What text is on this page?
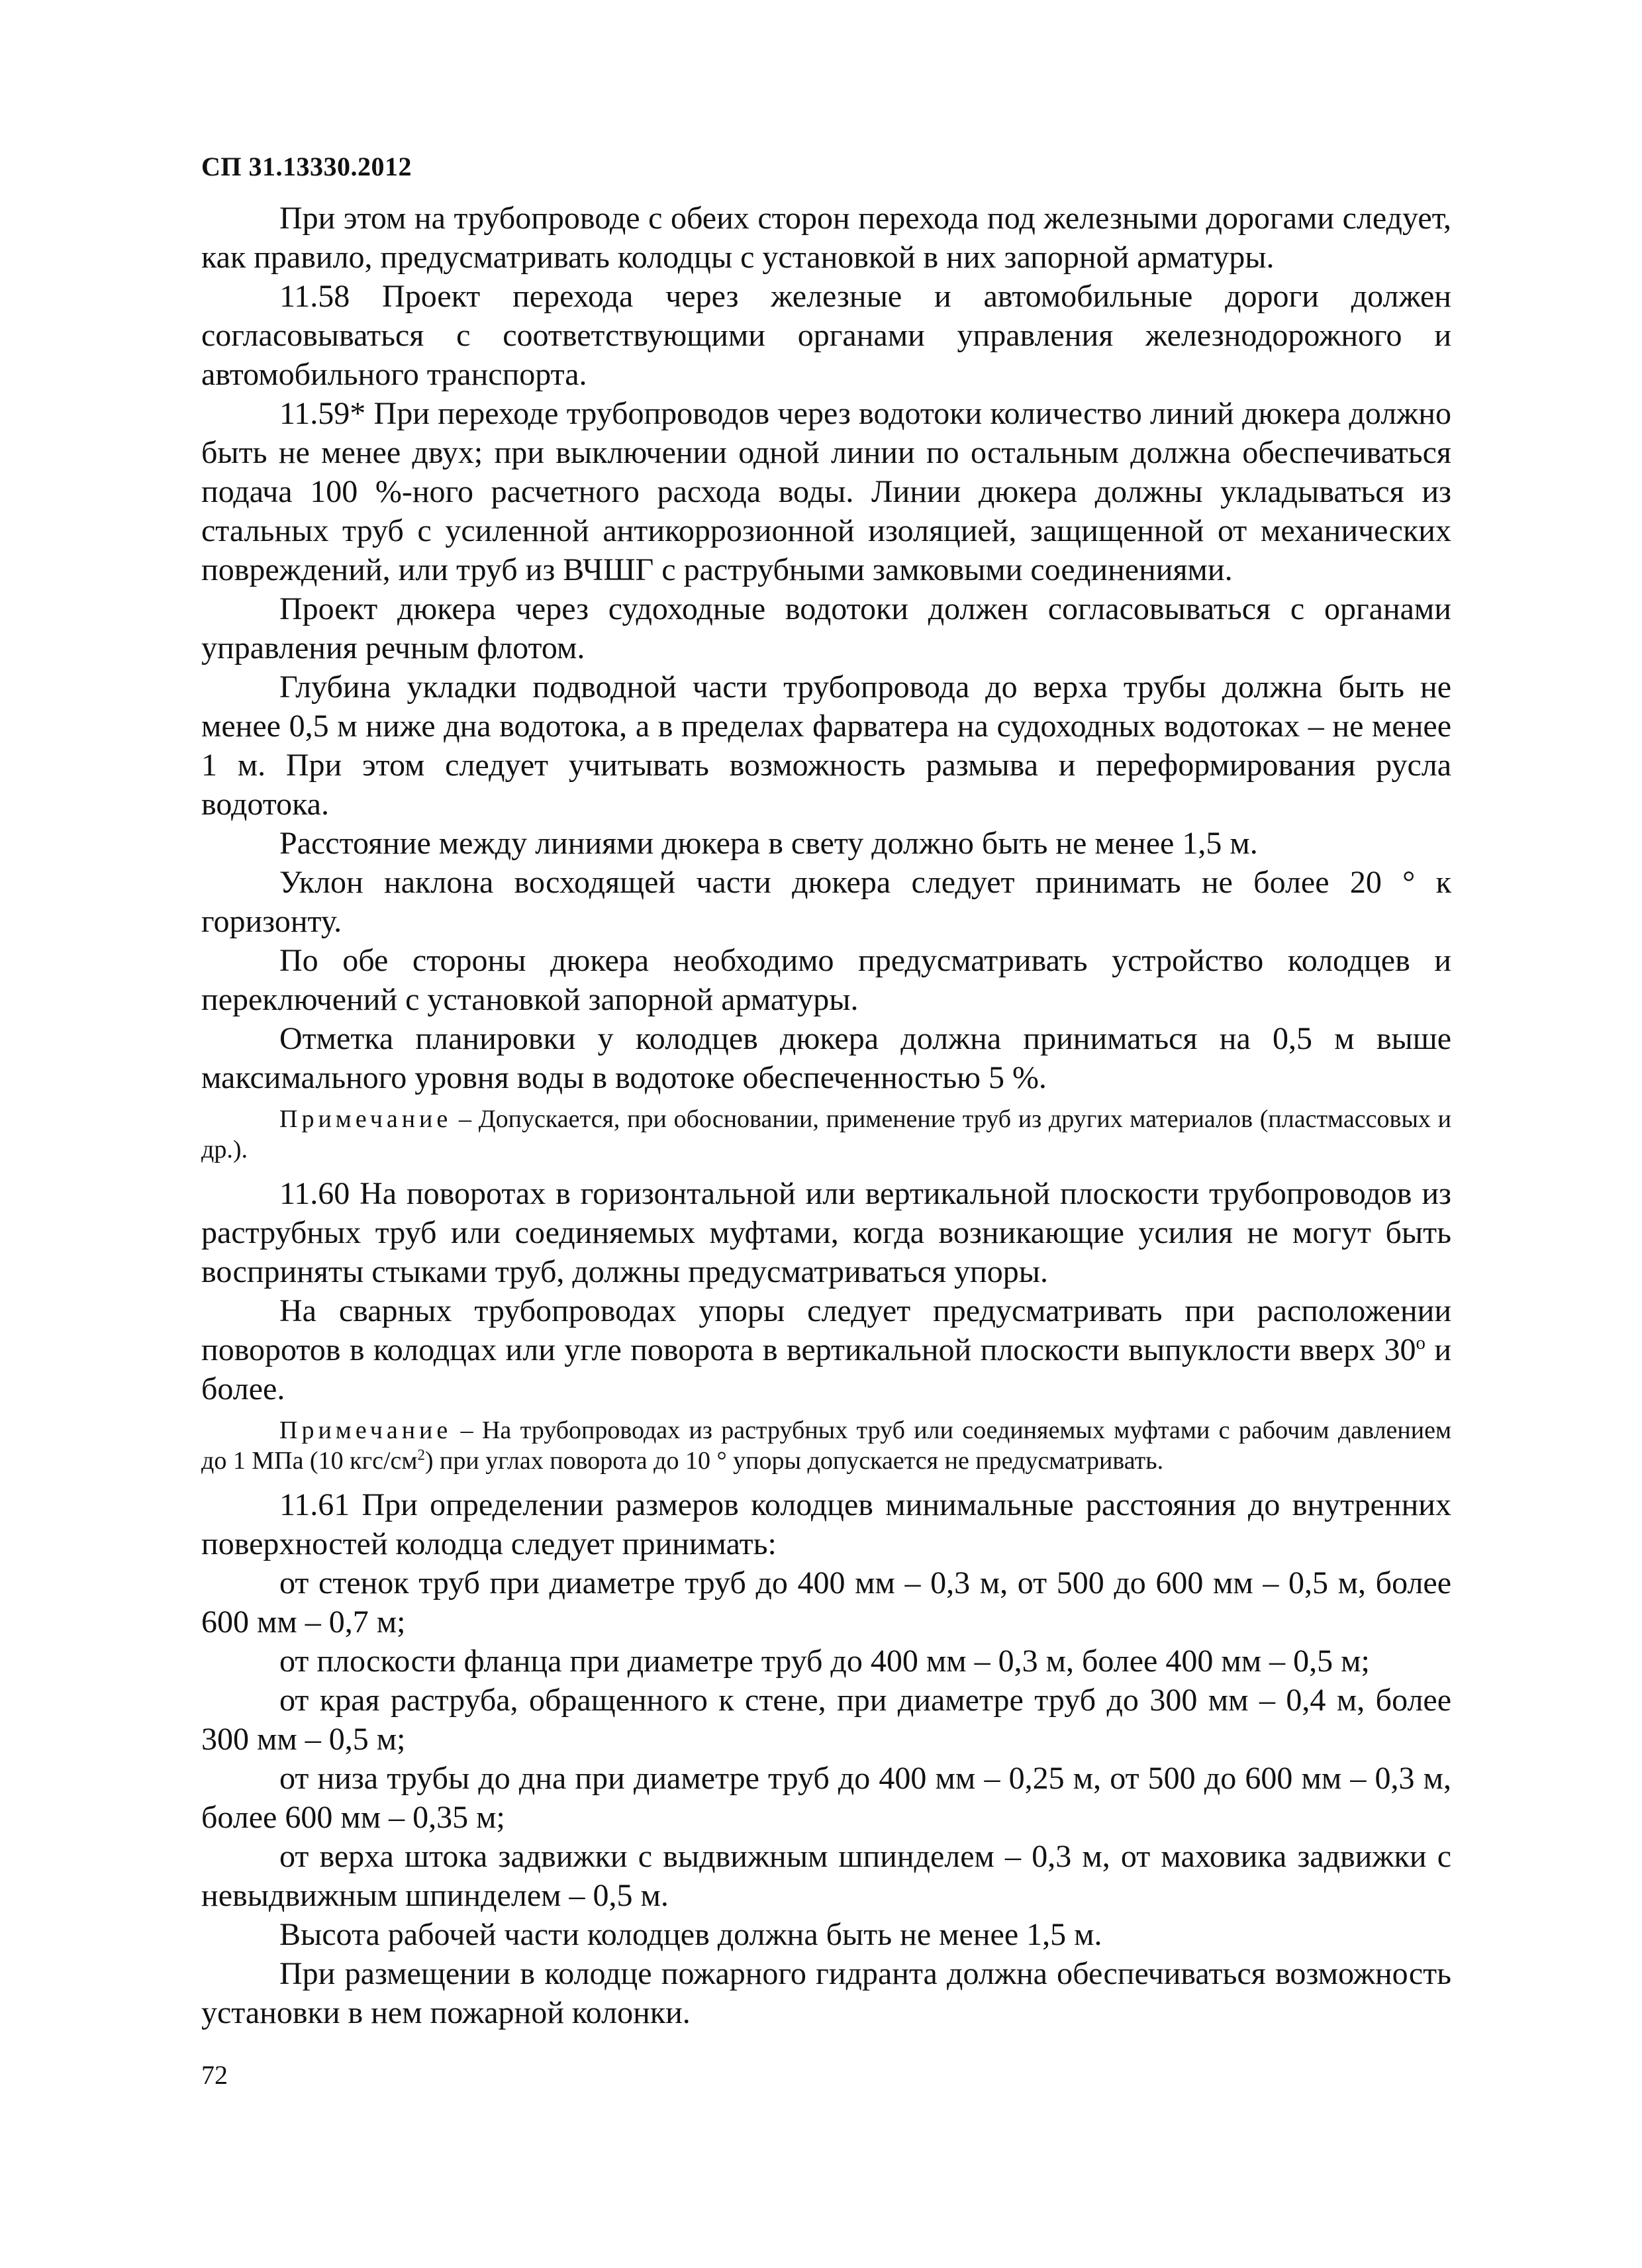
СП 31.13330.2012

При этом на трубопроводе с обеих сторон перехода под железными дорогами следует, как правило, предусматривать колодцы с установкой в них запорной арматуры.

11.58 Проект перехода через железные и автомобильные дороги должен согласовываться с соответствующими органами управления железнодорожного и автомобильного транспорта.

11.59* При переходе трубопроводов через водотоки количество линий дюкера должно быть не менее двух; при выключении одной линии по остальным должна обеспечиваться подача 100 %-ного расчетного расхода воды. Линии дюкера должны укладываться из стальных труб с усиленной антикоррозионной изоляцией, защищенной от механических повреждений, или труб из ВЧШГ с раструбными замковыми соединениями.

Проект дюкера через судоходные водотоки должен согласовываться с органами управления речным флотом.

Глубина укладки подводной части трубопровода до верха трубы должна быть не менее 0,5 м ниже дна водотока, а в пределах фарватера на судоходных водотоках – не менее 1 м. При этом следует учитывать возможность размыва и переформирования русла водотока.

Расстояние между линиями дюкера в свету должно быть не менее 1,5 м.

Уклон наклона восходящей части дюкера следует принимать не более 20 ° к горизонту.

По обе стороны дюкера необходимо предусматривать устройство колодцев и переключений с установкой запорной арматуры.

Отметка планировки у колодцев дюкера должна приниматься на 0,5 м выше максимального уровня воды в водотоке обеспеченностью 5 %.

Примечание – Допускается, при обосновании, применение труб из других материалов (пластмассовых и др.).

11.60 На поворотах в горизонтальной или вертикальной плоскости трубопроводов из раструбных труб или соединяемых муфтами, когда возникающие усилия не могут быть восприняты стыками труб, должны предусматриваться упоры.

На сварных трубопроводах упоры следует предусматривать при расположении поворотов в колодцах или угле поворота в вертикальной плоскости выпуклости вверх $30^о$ и более.

Примечание – На трубопроводах из раструбных труб или соединяемых муфтами с рабочим давлением до 1 МПа (10 кгс/$см^2$) при углах поворота до 10 ° упоры допускается не предусматривать.

11.61 При определении размеров колодцев минимальные расстояния до внутренних поверхностей колодца следует принимать:

от стенок труб при диаметре труб до 400 мм – 0,3 м, от 500 до 600 мм – 0,5 м, более 600 мм – 0,7 м;

от плоскости фланца при диаметре труб до 400 мм – 0,3 м, более 400 мм – 0,5 м;

от края раструба, обращенного к стене, при диаметре труб до 300 мм – 0,4 м, более 300 мм – 0,5 м;

от низа трубы до дна при диаметре труб до 400 мм – 0,25 м, от 500 до 600 мм – 0,3 м, более 600 мм – 0,35 м;

от верха штока задвижки с выдвижным шпинделем – 0,3 м, от маховика задвижки с невыдвижным шпинделем – 0,5 м.

Высота рабочей части колодцев должна быть не менее 1,5 м.

При размещении в колодце пожарного гидранта должна обеспечиваться возможность установки в нем пожарной колонки.

72
